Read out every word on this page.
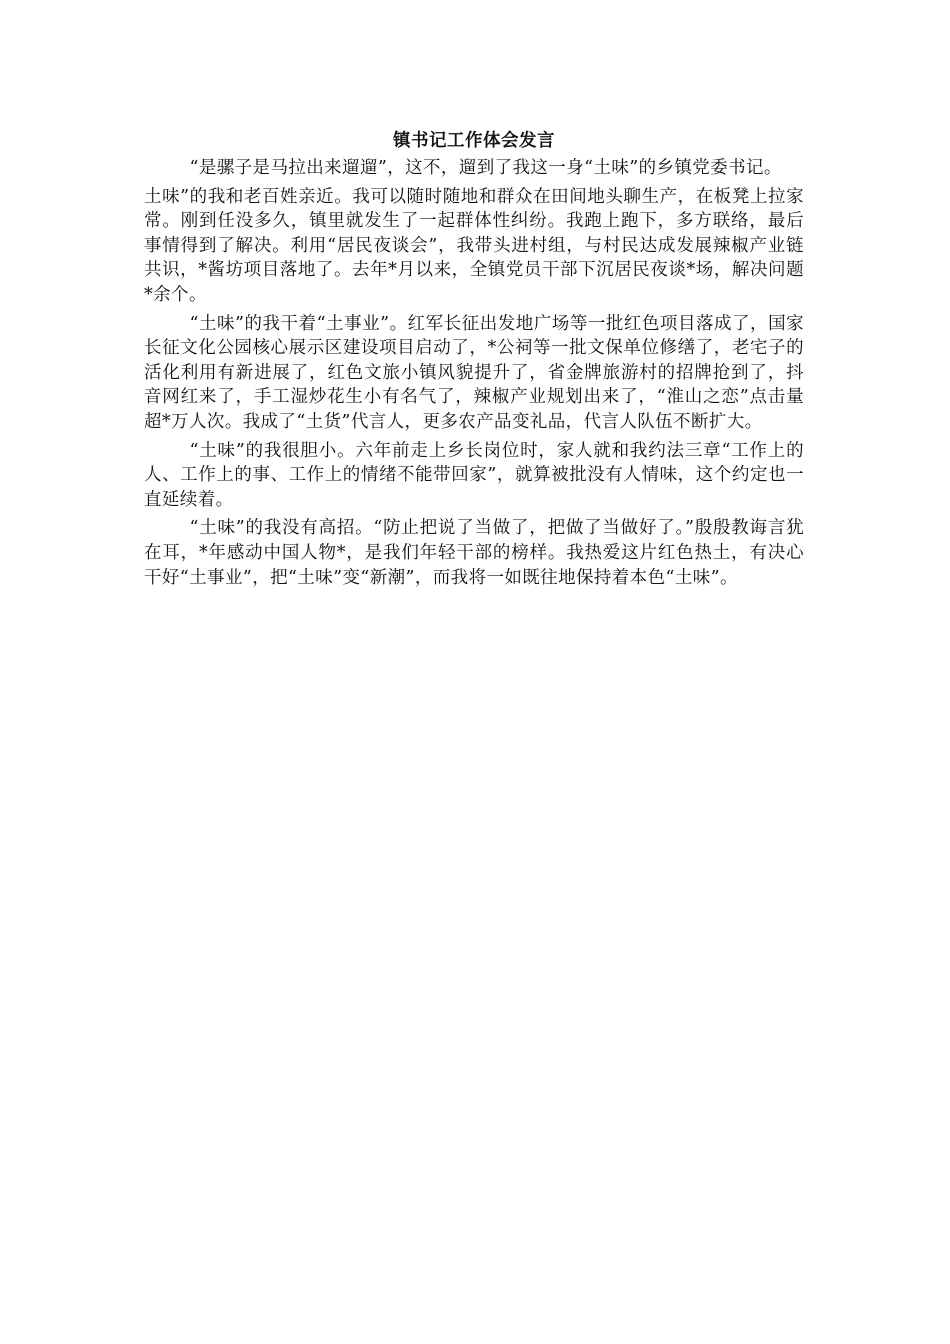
镇书记工作体会发言

“是骡子是马拉出来遛遛”，这不，遛到了我这一身“土味”的乡镇党委书记。

土味”的我和老百姓亲近。我可以随时随地和群众在田间地头聊生产，在板凳上拉家常。刚到任没多久，镇里就发生了一起群体性纠纷。我跑上跑下，多方联络，最后事情得到了解决。利用“居民夜谈会”，我带头进村组，与村民达成发展辣椒产业链共识，*酱坊项目落地了。去年*月以来，全镇党员干部下沉居民夜谈*场，解决问题*余个。

“土味”的我干着“土事业”。红军长征出发地广场等一批红色项目落成了，国家长征文化公园核心展示区建设项目启动了，*公祠等一批文保单位修缮了，老宅子的活化利用有新进展了，红色文旅小镇风貌提升了，省金牌旅游村的招牌抢到了，抖音网红来了，手工湿炒花生小有名气了，辣椒产业规划出来了，“淮山之恋”点击量超*万人次。我成了“土货”代言人，更多农产品变礼品，代言人队伍不断扩大。

“土味”的我很胆小。六年前走上乡长岗位时，家人就和我约法三章“工作上的人、工作上的事、工作上的情绪不能带回家”，就算被批没有人情味，这个约定也一直延续着。

“土味”的我没有高招。“防止把说了当做了，把做了当做好了。”殷殷教诲言犹在耳，*年感动中国人物*，是我们年轻干部的榜样。我热爱这片红色热土，有决心干好“土事业”，把“土味”变“新潮”，而我将一如既往地保持着本色“土味”。
